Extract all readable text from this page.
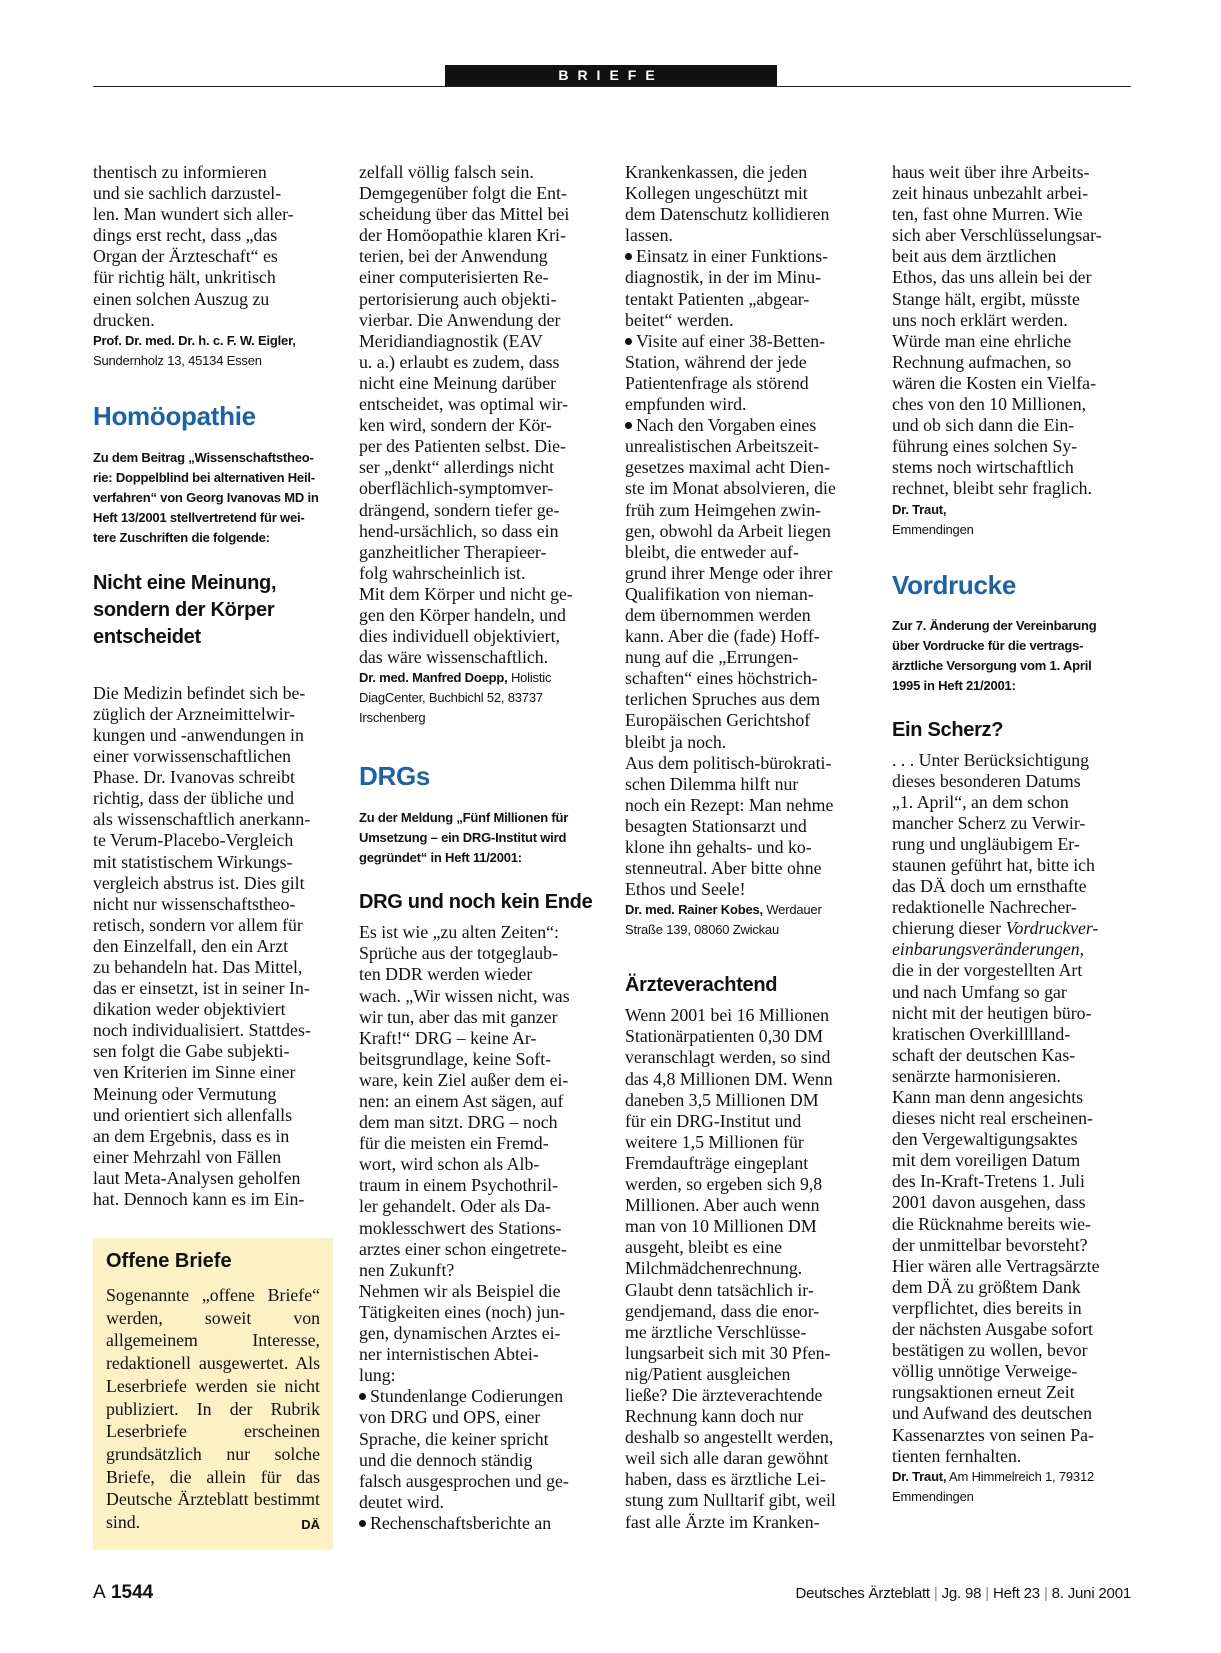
BRIEFE

thentisch zu informieren
und sie sachlich darzustel-
len. Man wundert sich aller-
dings erst recht, dass „das
Organ der Ärzteschaft“ es
für richtig hält, unkritisch
einen solchen Auszug zu
drucken.

Prof. Dr. med. Dr. h. c. F. W. Eigler,
Sundernholz 13, 45134 Essen

Homöopathie

Zu dem Beitrag „Wissenschaftstheo-
rie: Doppelblind bei alternativen Heil-
verfahren“ von Georg Ivanovas MD in
Heft 13/2001 stellvertretend für wei-
tere Zuschriften die folgende:

Nicht eine Meinung,
sondern der Körper
entscheidet

Die Medizin befindet sich be-
züglich der Arzneimittelwir-
kungen und -anwendungen in
einer vorwissenschaftlichen
Phase. Dr. Ivanovas schreibt
richtig, dass der übliche und
als wissenschaftlich anerkann-
te Verum-Placebo-Vergleich
mit statistischem Wirkungs-
vergleich abstrus ist. Dies gilt
nicht nur wissenschaftstheo-
retisch, sondern vor allem für
den Einzelfall, den ein Arzt
zu behandeln hat. Das Mittel,
das er einsetzt, ist in seiner In-
dikation weder objektiviert
noch individualisiert. Stattdes-
sen folgt die Gabe subjekti-
ven Kriterien im Sinne einer
Meinung oder Vermutung
und orientiert sich allenfalls
an dem Ergebnis, dass es in
einer Mehrzahl von Fällen
laut Meta-Analysen geholfen
hat. Dennoch kann es im Ein-

Offene Briefe

Sogenannte „offene Briefe“ werden, soweit von allgemeinem Interesse, redaktionell ausgewertet. Als Leserbriefe werden sie nicht publiziert. In der Rubrik Leserbriefe erscheinen grundsätzlich nur solche Briefe, die allein für das Deutsche Ärzteblatt bestimmt sind.	DÄ

zelfall völlig falsch sein.
Demgegenüber folgt die Ent-
scheidung über das Mittel bei
der Homöopathie klaren Kri-
terien, bei der Anwendung
einer computerisierten Re-
pertorisierung auch objekti-
vierbar. Die Anwendung der
Meridiandiagnostik (EAV
u. a.) erlaubt es zudem, dass
nicht eine Meinung darüber
entscheidet, was optimal wir-
ken wird, sondern der Kör-
per des Patienten selbst. Die-
ser „denkt“ allerdings nicht
oberflächlich-symptomver-
drängend, sondern tiefer ge-
hend-ursächlich, so dass ein
ganzheitlicher Therapieer-
folg wahrscheinlich ist.
Mit dem Körper und nicht ge-
gen den Körper handeln, und
dies individuell objektiviert,
das wäre wissenschaftlich.

Dr. med. Manfred Doepp, Holistic
DiagCenter, Buchbichl 52, 83737
Irschenberg

DRGs

Zu der Meldung „Fünf Millionen für
Umsetzung – ein DRG-Institut wird
gegründet“ in Heft 11/2001:

DRG und noch kein Ende

Es ist wie „zu alten Zeiten“:
Sprüche aus der totgeglaub-
ten DDR werden wieder
wach. „Wir wissen nicht, was
wir tun, aber das mit ganzer
Kraft!“ DRG – keine Ar-
beitsgrundlage, keine Soft-
ware, kein Ziel außer dem ei-
nen: an einem Ast sägen, auf
dem man sitzt. DRG – noch
für die meisten ein Fremd-
wort, wird schon als Alb-
traum in einem Psychothril-
ler gehandelt. Oder als Da-
moklesschwert des Stations-
arztes einer schon eingetrete-
nen Zukunft?
Nehmen wir als Beispiel die
Tätigkeiten eines (noch) jun-
gen, dynamischen Arztes ei-
ner internistischen Abtei-
lung:

Stundenlange Codierungen
von DRG und OPS, einer
Sprache, die keiner spricht
und die dennoch ständig
falsch ausgesprochen und ge-
deutet wird.
Rechenschaftsberichte an

Krankenkassen, die jeden
Kollegen ungeschützt mit
dem Datenschutz kollidieren
lassen.

Einsatz in einer Funktions-
diagnostik, in der im Minu-
tentakt Patienten „abgear-
beitet“ werden.
Visite auf einer 38-Betten-
Station, während der jede
Patientenfrage als störend
empfunden wird.
Nach den Vorgaben eines
unrealistischen Arbeitszeit-
gesetzes maximal acht Dien-
ste im Monat absolvieren, die
früh zum Heimgehen zwin-
gen, obwohl da Arbeit liegen
bleibt, die entweder auf-
grund ihrer Menge oder ihrer
Qualifikation von nieman-
dem übernommen werden
kann. Aber die (fade) Hoff-
nung auf die „Errungen-
schaften“ eines höchstrich-
terlichen Spruches aus dem
Europäischen Gerichtshof
bleibt ja noch.

Aus dem politisch-bürokrati-
schen Dilemma hilft nur
noch ein Rezept: Man nehme
besagten Stationsarzt und
klone ihn gehalts- und ko-
stenneutral. Aber bitte ohne
Ethos und Seele!

Dr. med. Rainer Kobes, Werdauer
Straße 139, 08060 Zwickau

Ärzteverachtend

Wenn 2001 bei 16 Millionen
Stationärpatienten 0,30 DM
veranschlagt werden, so sind
das 4,8 Millionen DM. Wenn
daneben 3,5 Millionen DM
für ein DRG-Institut und
weitere 1,5 Millionen für
Fremdaufträge eingeplant
werden, so ergeben sich 9,8
Millionen. Aber auch wenn
man von 10 Millionen DM
ausgeht, bleibt es eine
Milchmädchenrechnung.
Glaubt denn tatsächlich ir-
gendjemand, dass die enor-
me ärztliche Verschlüsse-
lungsarbeit sich mit 30 Pfen-
nig/Patient ausgleichen
ließe? Die ärzteverachtende
Rechnung kann doch nur
deshalb so angestellt werden,
weil sich alle daran gewöhnt
haben, dass es ärztliche Lei-
stung zum Nulltarif gibt, weil
fast alle Ärzte im Kranken-

haus weit über ihre Arbeits-
zeit hinaus unbezahlt arbei-
ten, fast ohne Murren. Wie
sich aber Verschlüsselungsar-
beit aus dem ärztlichen
Ethos, das uns allein bei der
Stange hält, ergibt, müsste
uns noch erklärt werden.
Würde man eine ehrliche
Rechnung aufmachen, so
wären die Kosten ein Vielfa-
ches von den 10 Millionen,
und ob sich dann die Ein-
führung eines solchen Sy-
stems noch wirtschaftlich
rechnet, bleibt sehr fraglich.

Dr. Traut,
Emmendingen

Vordrucke

Zur 7. Änderung der Vereinbarung
über Vordrucke für die vertrags-
ärztliche Versorgung vom 1. April
1995 in Heft 21/2001:

Ein Scherz?

. . . Unter Berücksichtigung
dieses besonderen Datums
„1. April“, an dem schon
mancher Scherz zu Verwir-
rung und ungläubigem Er-
staunen geführt hat, bitte ich
das DÄ doch um ernsthafte
redaktionelle Nachrecher-
chierung dieser Vordruckver-
einbarungsveränderungen,
die in der vorgestellten Art
und nach Umfang so gar
nicht mit der heutigen büro-
kratischen Overkilllland-
schaft der deutschen Kas-
senärzte harmonisieren.
Kann man denn angesichts
dieses nicht real erscheinen-
den Vergewaltigungsaktes
mit dem voreiligen Datum
des In-Kraft-Tretens 1. Juli
2001 davon ausgehen, dass
die Rücknahme bereits wie-
der unmittelbar bevorsteht?
Hier wären alle Vertragsärzte
dem DÄ zu größtem Dank
verpflichtet, dies bereits in
der nächsten Ausgabe sofort
bestätigen zu wollen, bevor
völlig unnötige Verweige-
rungsaktionen erneut Zeit
und Aufwand des deutschen
Kassenarztes von seinen Pa-
tienten fernhalten.

Dr. Traut, Am Himmelreich 1, 79312
Emmendingen

A 1544	Deutsches Ärzteblatt | Jg. 98 | Heft 23 | 8. Juni 2001
